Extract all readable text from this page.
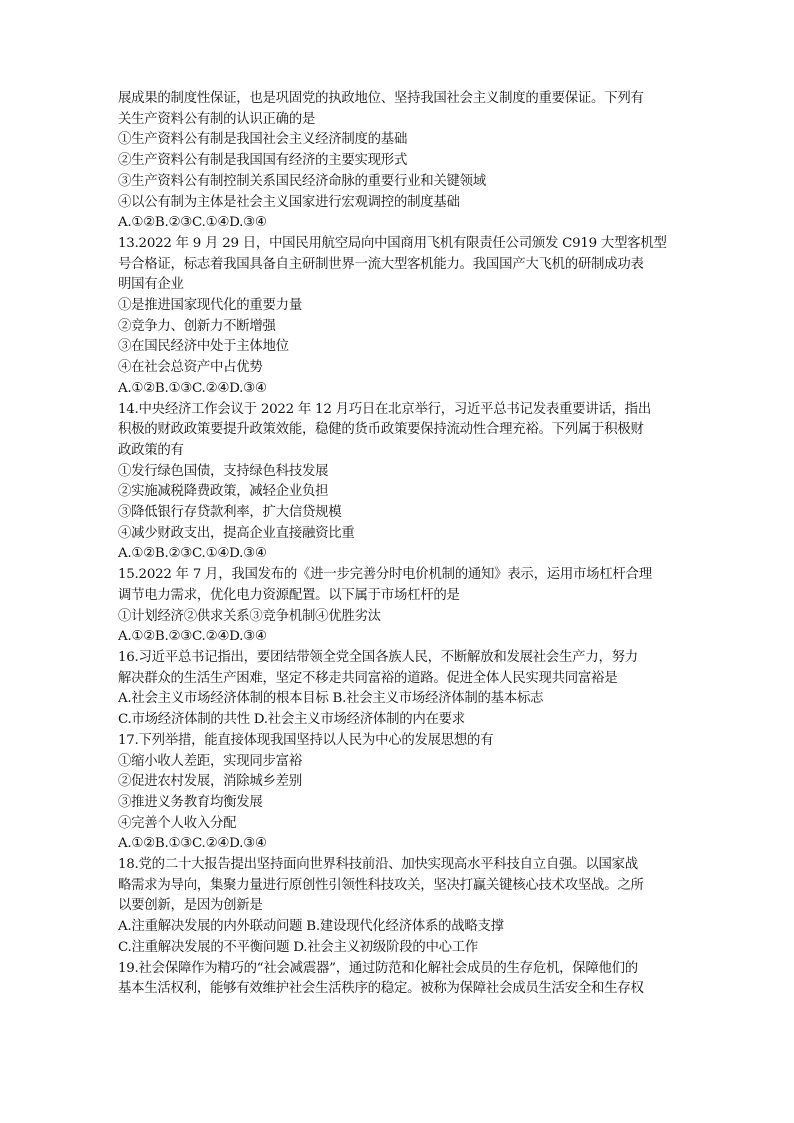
展成果的制度性保证，也是巩固党的执政地位、坚持我国社会主义制度的重要保证。下列有
关生产资料公有制的认识正确的是
①生产资料公有制是我国社会主义经济制度的基础
②生产资料公有制是我国国有经济的主要实现形式
③生产资料公有制控制关系国民经济命脉的重要行业和关键领域
④以公有制为主体是社会主义国家进行宏观调控的制度基础
A.①②B.②③C.①④D.③④
13.2022 年 9 月 29 日，中国民用航空局向中国商用飞机有限责任公司颁发 C919 大型客机型
号合格证，标志着我国具备自主研制世界一流大型客机能力。我国国产大飞机的研制成功表
明国有企业
①是推进国家现代化的重要力量
②竞争力、创新力不断增强
③在国民经济中处于主体地位
④在社会总资产中占优势
A.①②B.①③C.②④D.③④
14.中央经济工作会议于 2022 年 12 月巧日在北京举行，习近平总书记发表重要讲话，指出
积极的财政政策要提升政策效能，稳健的货币政策要保持流动性合理充裕。下列属于积极财
政政策的有
①发行绿色国债，支持绿色科技发展
②实施减税降费政策，减轻企业负担
③降低银行存贷款利率，扩大信贷规模
④减少财政支出，提高企业直接融资比重
A.①②B.②③C.①④D.③④
15.2022 年 7 月，我国发布的《进一步完善分时电价机制的通知》表示，运用市场杠杆合理
调节电力需求，优化电力资源配置。以下属于市场杠杆的是
①计划经济②供求关系③竞争机制④优胜劣汰
A.①②B.②③C.②④D.③④
16.习近平总书记指出，要团结带领全党全国各族人民，不断解放和发展社会生产力，努力
解决群众的生活生产困难，坚定不移走共同富裕的道路。促进全体人民实现共同富裕是
A.社会主义市场经济体制的根本目标 B.社会主义市场经济体制的基本标志
C.市场经济体制的共性 D.社会主义市场经济体制的内在要求
17.下列举措，能直接体现我国坚持以人民为中心的发展思想的有
①缩小收人差距，实现同步富裕
②促进农村发展，消除城乡差别
③推进义务教育均衡发展
④完善个人收入分配
A.①②B.①③C.②④D.③④
18.党的二十大报告提出坚持面向世界科技前沿、加快实现高水平科技自立自强。以国家战
略需求为导向，集聚力量进行原创性引领性科技攻关，坚决打赢关键核心技术攻坚战。之所
以要创新，是因为创新是
A.注重解决发展的内外联动问题 B.建设现代化经济体系的战略支撑
C.注重解决发展的不平衡问题 D.社会主义初级阶段的中心工作
19.社会保障作为精巧的“社会减震器”，通过防范和化解社会成员的生存危机，保障他们的
基本生活权利，能够有效维护社会生活秩序的稳定。被称为保障社会成员生活安全和生存权
